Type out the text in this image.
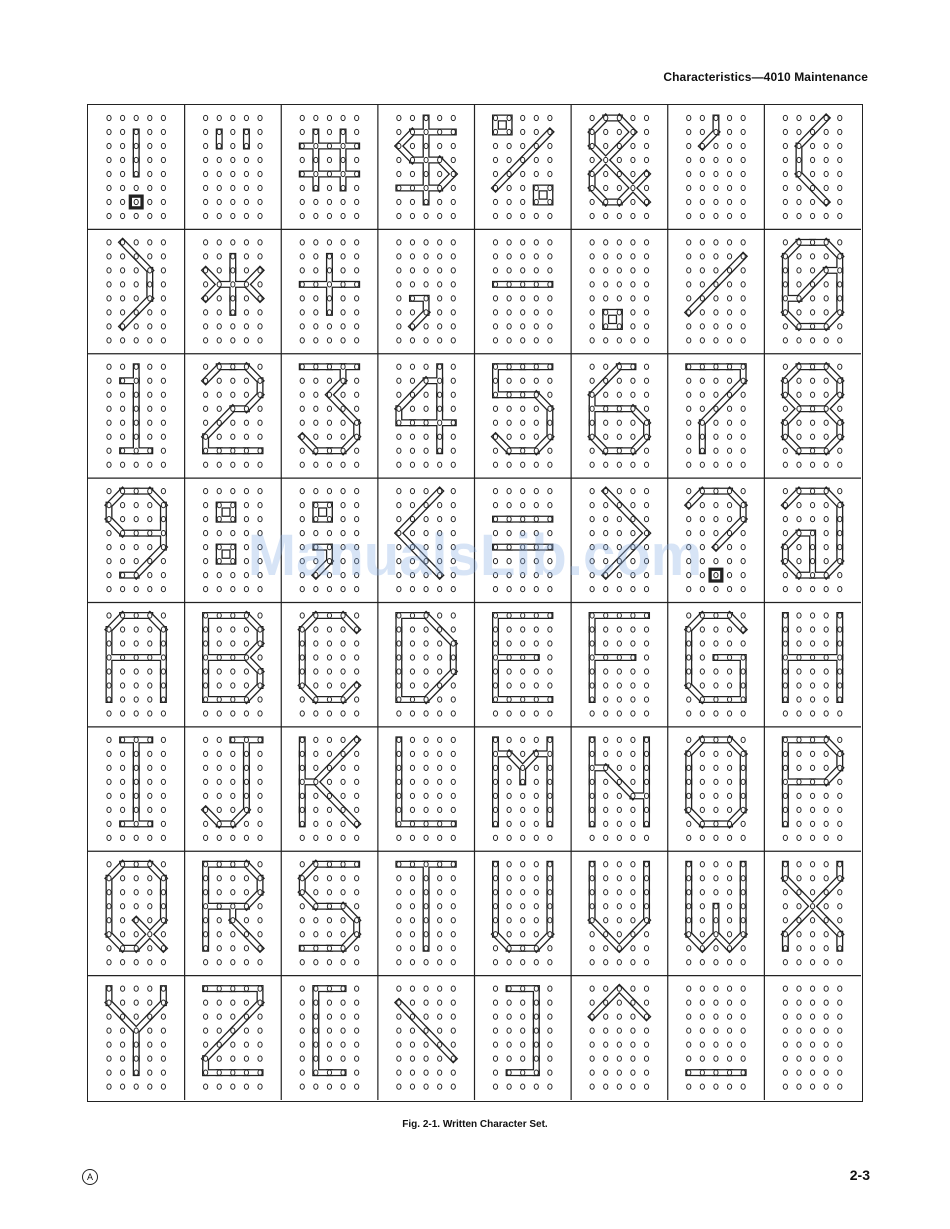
Characteristics—4010 Maintenance
ManualsLib.com
Fig. 2-1. Written Character Set.
A	2-3
